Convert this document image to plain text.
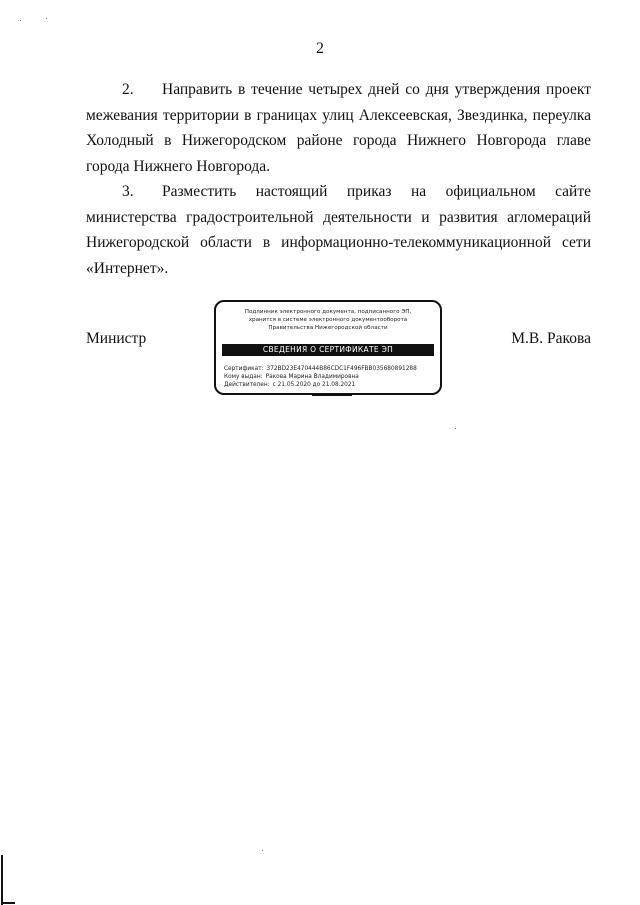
2
2. Направить в течение четырех дней со дня утверждения проект межевания территории в границах улиц Алексеевская, Звездинка, переулка Холодный в Нижегородском районе города Нижнего Новгорода главе города Нижнего Новгорода.
3. Разместить настоящий приказ на официальном сайте министерства градостроительной деятельности и развития агломераций Нижегородской области в информационно-телекоммуникационной сети «Интернет».
Министр	М.В. Ракова
Подлинник электронного документа, подписанного ЭП,
хранится в системе электронного документооборота
Правительства Нижегородской области
СВЕДЕНИЯ О СЕРТИФИКАТЕ ЭП
Сертификат: 372BD23E470444B86CDC1F496FBB035680891288
Кому выдан: Ракова Марина Владимировна
Действителен: с 21.05.2020 до 21.08.2021
